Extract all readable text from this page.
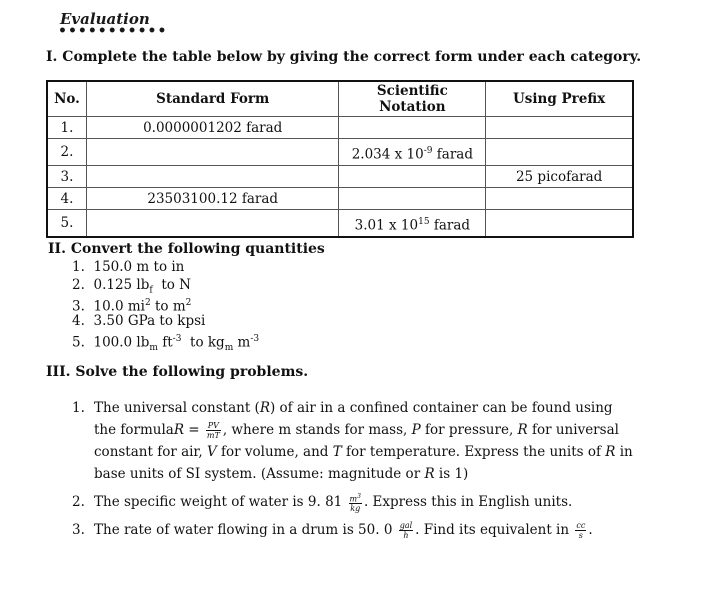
Evaluation
•••••••••••
I. Complete the table below by giving the correct form under each category.
No.	Standard Form	Scientific Notation	Using Prefix
1.	0.0000001202 farad		
2.		2.034 x $10^{-9}$ farad	
3.			25 picofarad
4.	23503100.12 farad		
5.		3.01 x $10^{15}$ farad	
II. Convert the following quantities
1. 150.0 m to in
2. 0.125 $lb_f$  to N
3. 10.0 $mi^2$ to $m^2$
4. 3.50 GPa to kpsi
5. 100.0 $lb_m$ $ft^{-3}$  to $kg_m$ $m^{-3}$
III. Solve the following problems.
1. The universal constant (R) of air in a confined container can be found using the formulaR = $\frac{PV}{mT}$ , where m stands for mass, P for pressure, R for universal constant for air, V for volume, and T for temperature. Express the units of R in base units of SI system. (Assume: magnitude or R is 1)
2. The specific weight of water is 9. $81 \frac{m^3}{kg}$ . Express this in English units.
3. The rate of water flowing in a drum is 50. $0 \frac{\text{gal}}{h}$ . Find its equivalent in $\frac{cc}{s}$ .
